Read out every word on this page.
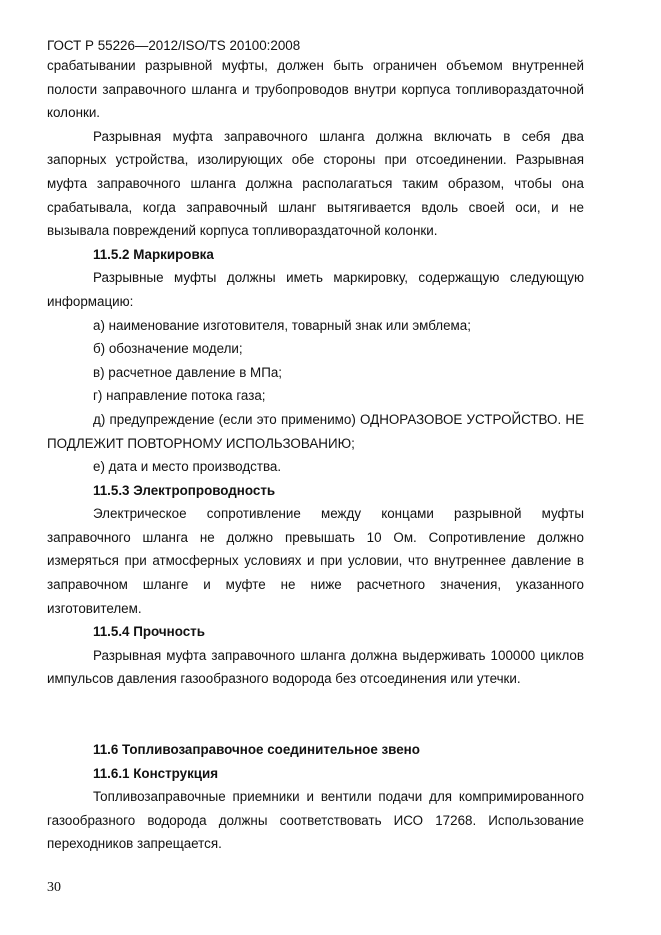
ГОСТ Р 55226—2012/ISO/TS 20100:2008

срабатывании разрывной муфты, должен быть ограничен объемом внутренней полости заправочного шланга и трубопроводов внутри корпуса топливораздаточной колонки.

Разрывная муфта заправочного шланга должна включать в себя два запорных устройства, изолирующих обе стороны при отсоединении. Разрывная муфта заправочного шланга должна располагаться таким образом, чтобы она срабатывала, когда заправочный шланг вытягивается вдоль своей оси, и не вызывала повреждений корпуса топливораздаточной колонки.

11.5.2 Маркировка

Разрывные муфты должны иметь маркировку, содержащую следующую информацию:

а) наименование изготовителя, товарный знак или эмблема;

б) обозначение модели;

в) расчетное давление в МПа;

г) направление потока газа;

д) предупреждение (если это применимо) ОДНОРАЗОВОЕ УСТРОЙСТВО. НЕ ПОДЛЕЖИТ ПОВТОРНОМУ ИСПОЛЬЗОВАНИЮ;

е) дата и место производства.

11.5.3 Электропроводность

Электрическое сопротивление между концами разрывной муфты заправочного шланга не должно превышать 10 Ом. Сопротивление должно измеряться при атмосферных условиях и при условии, что внутреннее давление в заправочном шланге и муфте не ниже расчетного значения, указанного изготовителем.

11.5.4 Прочность

Разрывная муфта заправочного шланга должна выдерживать 100000 циклов импульсов давления газообразного водорода без отсоединения или утечки.

11.6 Топливозаправочное соединительное звено

11.6.1 Конструкция

Топливозаправочные приемники и вентили подачи для компримированного газообразного водорода должны соответствовать ИСО 17268. Использование переходников запрещается.

30
